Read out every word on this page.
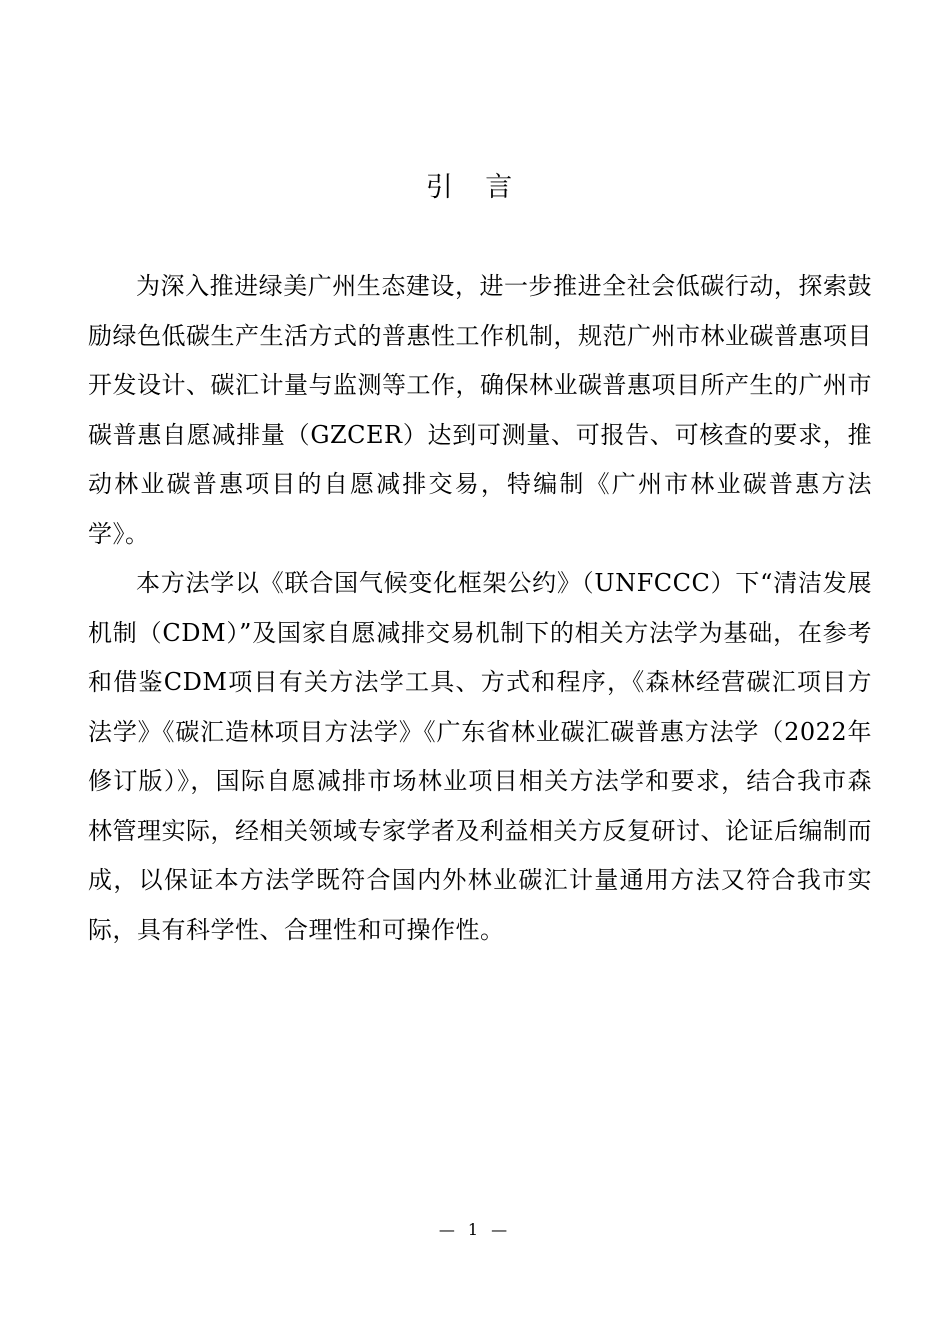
引 言

为深入推进绿美广州生态建设，进一步推进全社会低碳行动，探索鼓励绿色低碳生产生活方式的普惠性工作机制，规范广州市林业碳普惠项目开发设计、碳汇计量与监测等工作，确保林业碳普惠项目所产生的广州市碳普惠自愿减排量（GZCER）达到可测量、可报告、可核查的要求，推动林业碳普惠项目的自愿减排交易，特编制《广州市林业碳普惠方法学》。

本方法学以《联合国气候变化框架公约》（UNFCCC）下“清洁发展机制（CDM）”及国家自愿减排交易机制下的相关方法学为基础，在参考和借鉴CDM项目有关方法学工具、方式和程序，《森林经营碳汇项目方法学》《碳汇造林项目方法学》《广东省林业碳汇碳普惠方法学（2022年修订版）》，国际自愿减排市场林业项目相关方法学和要求，结合我市森林管理实际，经相关领域专家学者及利益相关方反复研讨、论证后编制而成，以保证本方法学既符合国内外林业碳汇计量通用方法又符合我市实际，具有科学性、合理性和可操作性。

— 1 —
